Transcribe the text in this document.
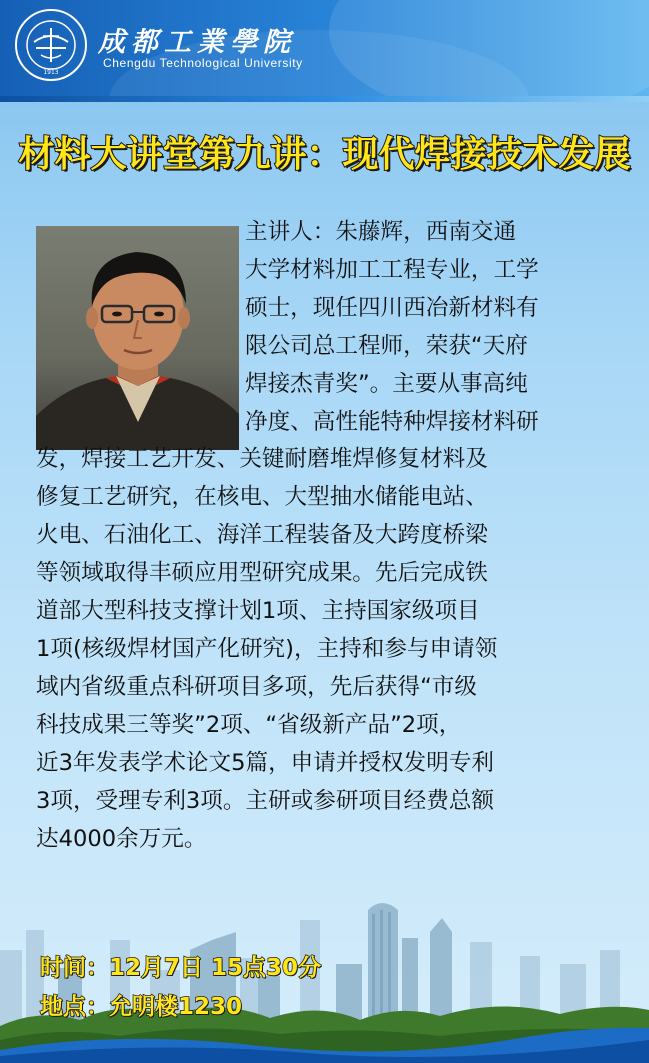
1913
成都工業學院
Chengdu Technological University
材料大讲堂第九讲：现代焊接技术发展
主讲人：朱藤辉，西南交通
大学材料加工工程专业，工学
硕士，现任四川西冶新材料有
限公司总工程师，荣获“天府
焊接杰青奖”。主要从事高纯
净度、高性能特种焊接材料研
发，焊接工艺开发、关键耐磨堆焊修复材料及
修复工艺研究，在核电、大型抽水储能电站、
火电、石油化工、海洋工程装备及大跨度桥梁
等领域取得丰硕应用型研究成果。先后完成铁
道部大型科技支撑计划1项、主持国家级项目
1项(核级焊材国产化研究)，主持和参与申请领
域内省级重点科研项目多项，先后获得“市级
科技成果三等奖”2项、“省级新产品”2项，
近3年发表学术论文5篇，申请并授权发明专利
3项，受理专利3项。主研或参研项目经费总额
达4000余万元。
时间：12月7日 15点30分
地点：允明楼1230
